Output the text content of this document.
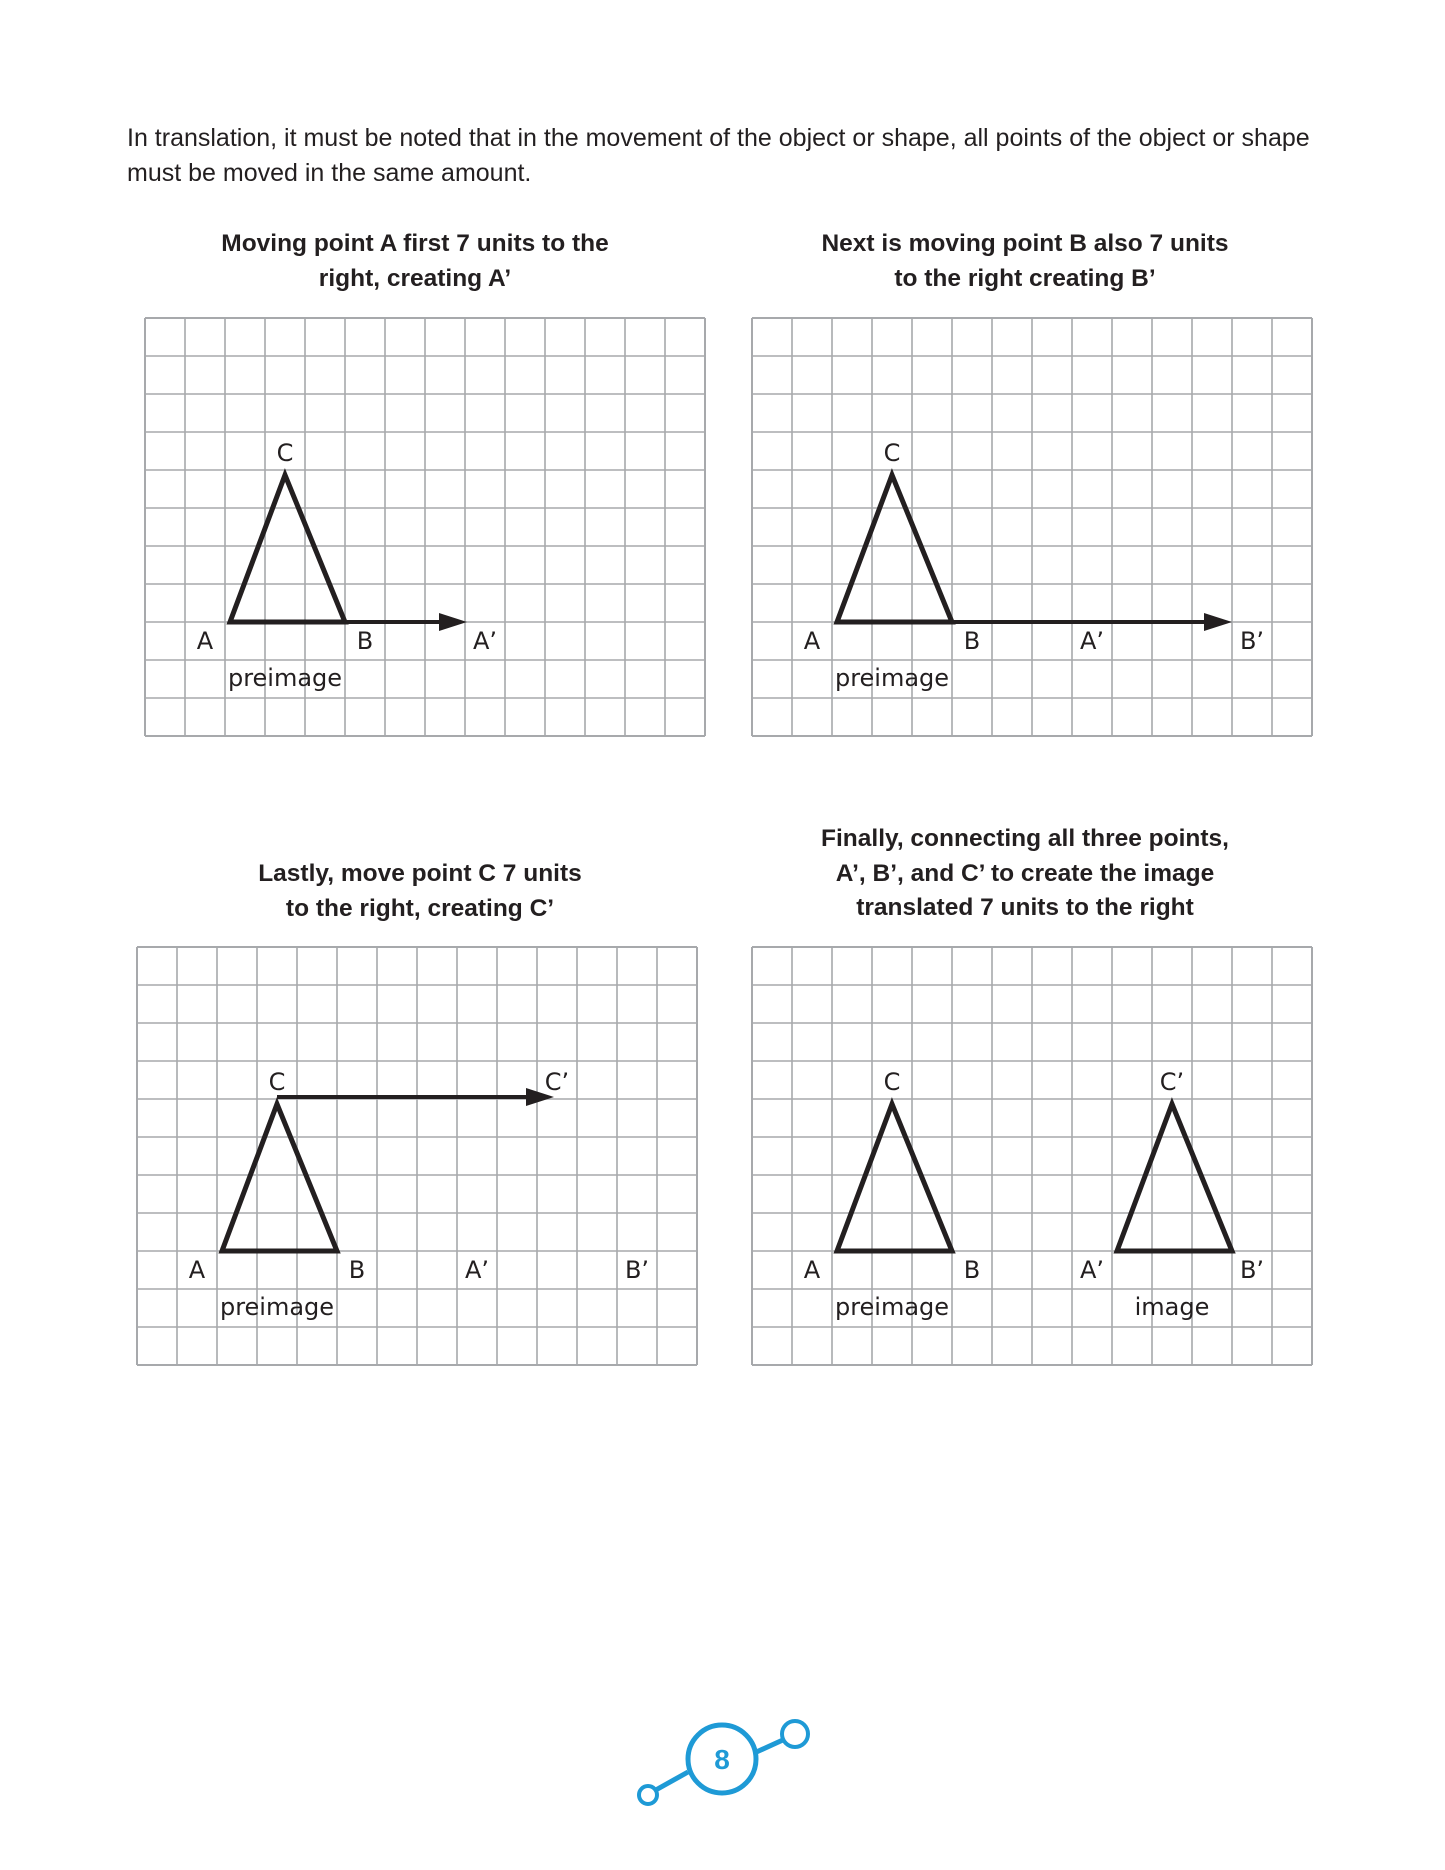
In translation, it must be noted that in the movement of the object or shape, all points of the object or shape must be moved in the same amount.

Moving point A first 7 units to the
right, creating A’
Next is moving point B also 7 units
to the right creating B’
Lastly, move point C 7 units
to the right, creating C’
Finally, connecting all three points,
A’, B’, and C’ to create the image
translated 7 units to the right
C
A	B	A’
preimage
C
A	B	A’	B’
preimage
C	C’
A	B	A’	B’
preimage
C	C’
A	B	A’	B’
preimage	image
8
